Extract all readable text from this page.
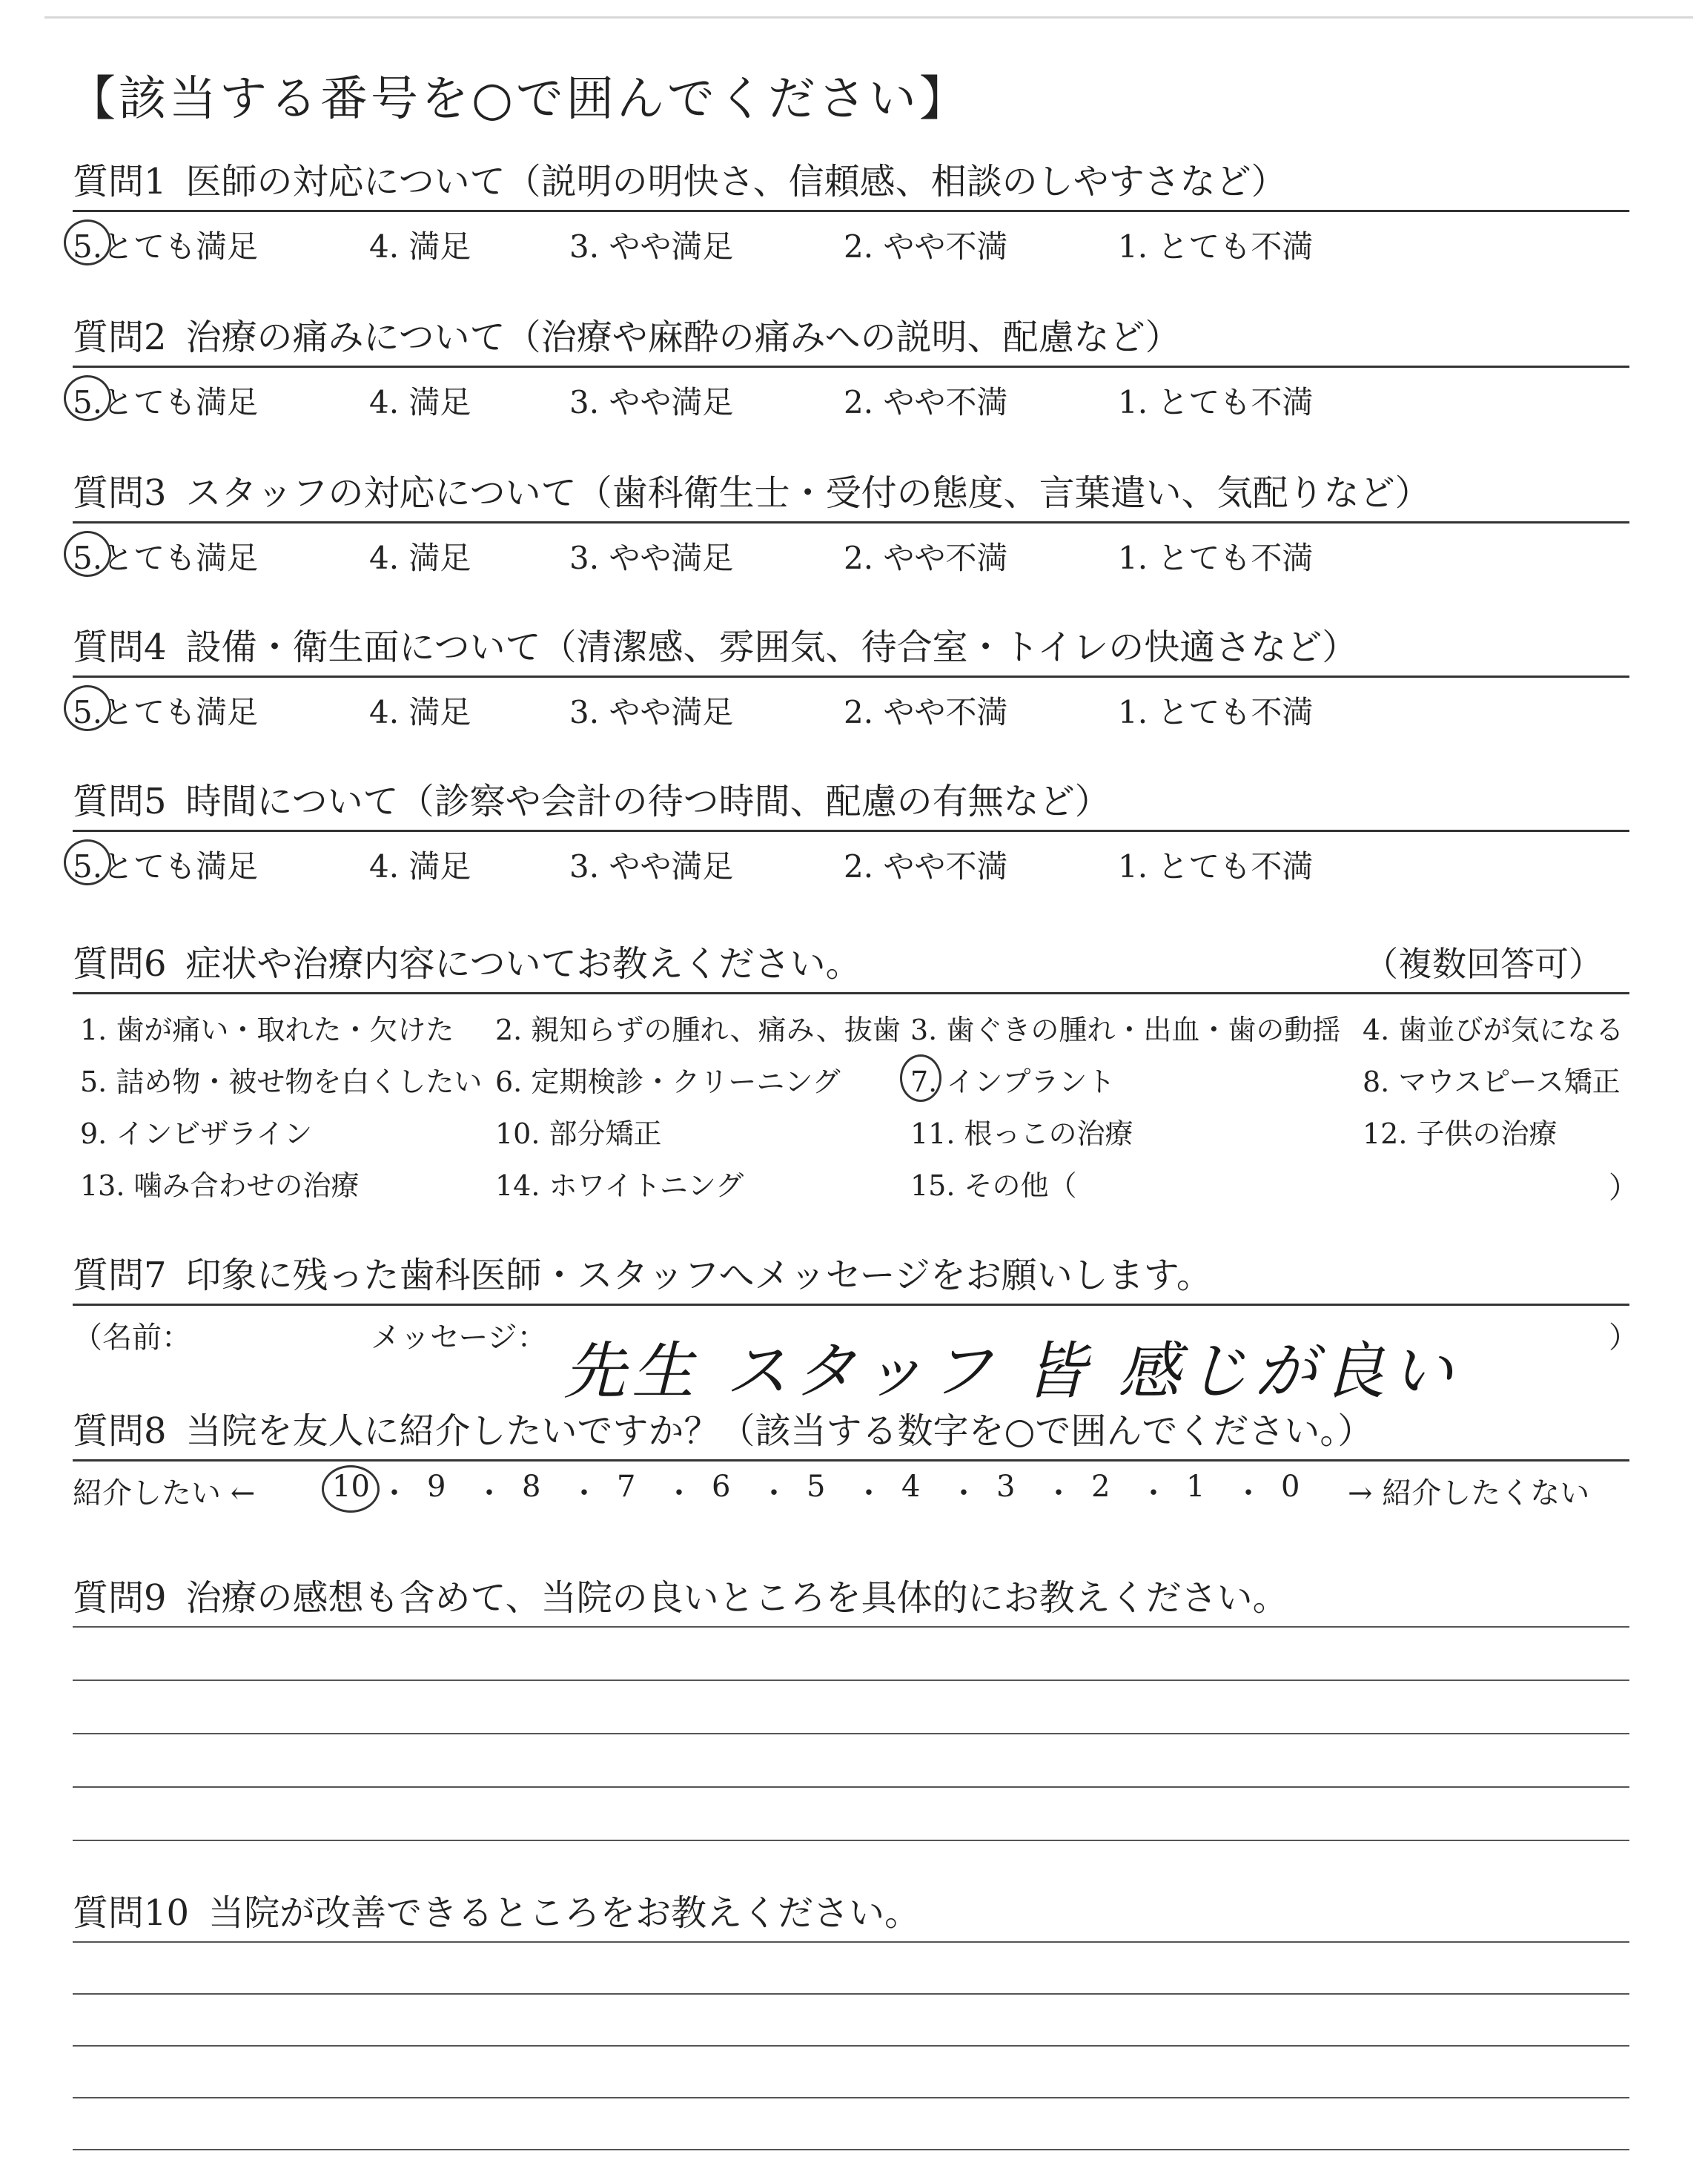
【該当する番号を○で囲んでください】
質問1 医師の対応について（説明の明快さ、信頼感、相談のしやすさなど）
5.とても満足	4. 満足	3. やや満足	2. やや不満	1. とても不満
質問2 治療の痛みについて（治療や麻酔の痛みへの説明、配慮など）
5.とても満足	4. 満足	3. やや満足	2. やや不満	1. とても不満
質問3 スタッフの対応について（歯科衛生士・受付の態度、言葉遣い、気配りなど）
5.とても満足	4. 満足	3. やや満足	2. やや不満	1. とても不満
質問4 設備・衛生面について（清潔感、雰囲気、待合室・トイレの快適さなど）
5.とても満足	4. 満足	3. やや満足	2. やや不満	1. とても不満
質問5 時間について（診察や会計の待つ時間、配慮の有無など）
5.とても満足	4. 満足	3. やや満足	2. やや不満	1. とても不満
質問6 症状や治療内容についてお教えください。	（複数回答可）
1. 歯が痛い・取れた・欠けた 2. 親知らずの腫れ、痛み、抜歯 3. 歯ぐきの腫れ・出血・歯の動揺 4. 歯並びが気になる
5. 詰め物・被せ物を白くしたい 6. 定期検診・クリーニング 7. インプラント	8. マウスピース矯正
9. インビザライン	10. 部分矯正	11. 根っこの治療	12. 子供の治療
13. 噛み合わせの治療	14. ホワイトニング	15. その他（	）
質問7 印象に残った歯科医師・スタッフへメッセージをお願いします。
（名前：	メッセージ： 先生 スタッフ 皆 感じが良い	）
質問8 当院を友人に紹介したいですか？（該当する数字を○で囲んでください。）
紹介したい ←	10 ・ 9 ・ 8 ・ 7 ・ 6 ・ 5 ・ 4 ・ 3 ・ 2 ・ 1 ・ 0 → 紹介したくない
質問9 治療の感想も含めて、当院の良いところを具体的にお教えください。
質問10 当院が改善できるところをお教えください。
